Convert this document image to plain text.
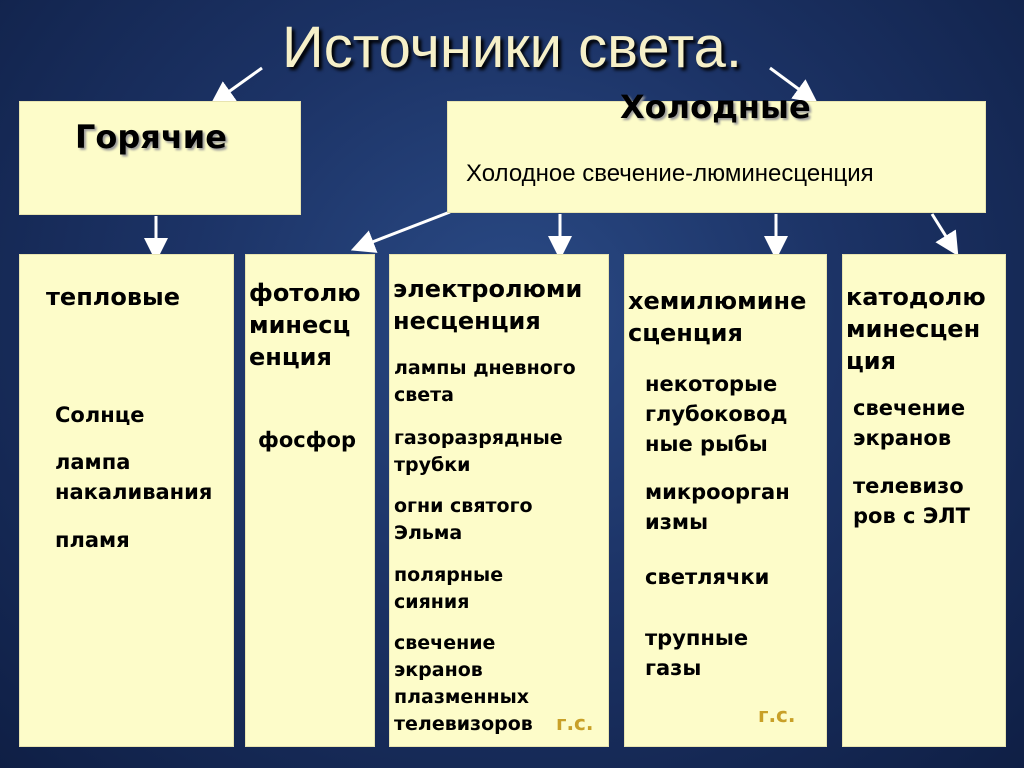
Источники света.
Горячие
Холодные
Холодное свечение-люминесценция
тепловые
Солнце
лампа накаливания
пламя
фотолю
минесц
енция
фосфор
электролюми
несценция
лампы дневного
света
газоразрядные
трубки
огни святого
Эльма
полярные
сияния
свечение
экранов
плазменных
телевизоров г.с.
хемилюмине
сценция
некоторые
глубоковод
ные рыбы
микроорган
измы
светлячки
трупные
газы
г.с.
катодолю
минесцен
ция
свечение
экранов
телевизо
ров с ЭЛТ
